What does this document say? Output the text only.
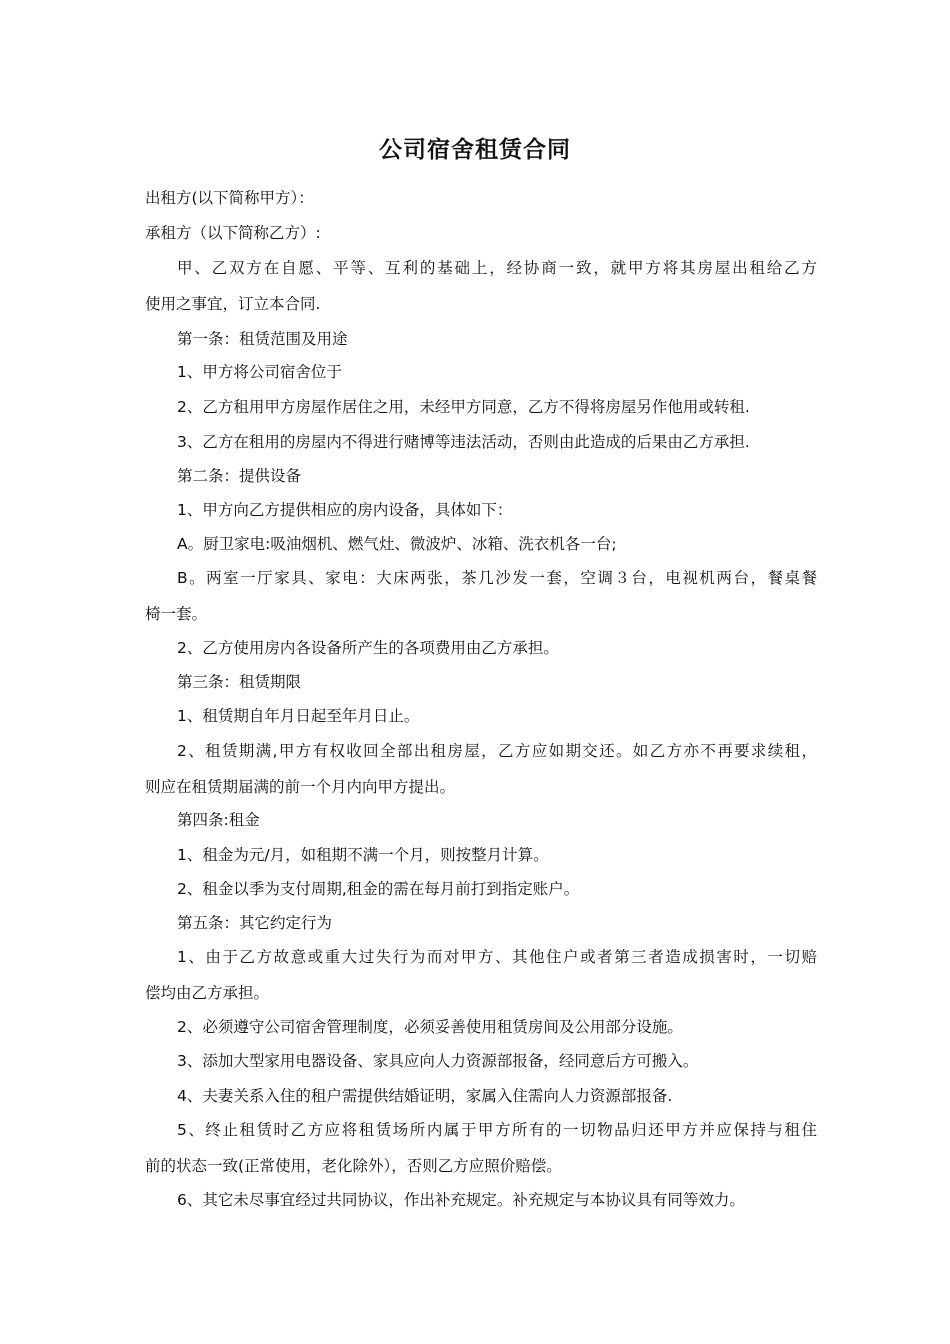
公司宿舍租赁合同
出租方(以下简称甲方）：
承租方（以下简称乙方）:
甲、乙双方在自愿、平等、互利的基础上，经协商一致，就甲方将其房屋出租给乙方
使用之事宜，订立本合同.
第一条：租赁范围及用途
1、甲方将公司宿舍位于
2、乙方租用甲方房屋作居住之用，未经甲方同意，乙方不得将房屋另作他用或转租.
3、乙方在租用的房屋内不得进行赌博等违法活动，否则由此造成的后果由乙方承担.
第二条：提供设备
1、甲方向乙方提供相应的房内设备，具体如下：
A。厨卫家电:吸油烟机、燃气灶、微波炉、冰箱、洗衣机各一台;
B。两室一厅家具、家电：大床两张，茶几沙发一套，空调３台，电视机两台，餐桌餐
椅一套。
2、乙方使用房内各设备所产生的各项费用由乙方承担。
第三条：租赁期限
1、租赁期自年月日起至年月日止。
2、租赁期满,甲方有权收回全部出租房屋，乙方应如期交还。如乙方亦不再要求续租，
则应在租赁期届满的前一个月内向甲方提出。
第四条:租金
1、租金为元/月，如租期不满一个月，则按整月计算。
2、租金以季为支付周期,租金的需在每月前打到指定账户。
第五条：其它约定行为
1、由于乙方故意或重大过失行为而对甲方、其他住户或者第三者造成损害时，一切赔
偿均由乙方承担。
2、必须遵守公司宿舍管理制度，必须妥善使用租赁房间及公用部分设施。
3、添加大型家用电器设备、家具应向人力资源部报备，经同意后方可搬入。
4、夫妻关系入住的租户需提供结婚证明，家属入住需向人力资源部报备.
5、终止租赁时乙方应将租赁场所内属于甲方所有的一切物品归还甲方并应保持与租住
前的状态一致(正常使用，老化除外），否则乙方应照价赔偿。
6、其它未尽事宜经过共同协议，作出补充规定。补充规定与本协议具有同等效力。
